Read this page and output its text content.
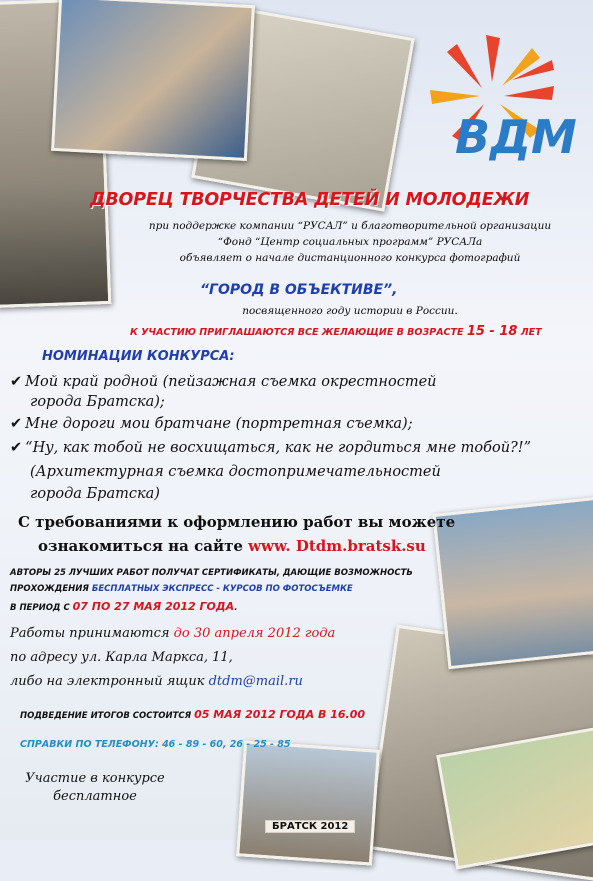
ВДМ
ДВОРЕЦ ТВОРЧЕСТВА ДЕТЕЙ И МОЛОДЕЖИ
при поддержке компании “РУСАЛ” и благотворительной организации
“Фонд “Центр социальных программ” РУСАЛа
объявляет о начале дистанционного конкурса фотографий
“ГОРОД В ОБЪЕКТИВЕ”,
посвященного году истории в России.
К УЧАСТИЮ ПРИГЛАШАЮТСЯ ВСЕ ЖЕЛАЮЩИЕ В ВОЗРАСТЕ 15 - 18 ЛЕТ
НОМИНАЦИИ КОНКУРСА:
✔ Мой край родной (пейзажная съемка окрестностей
города Братска);
✔ Мне дороги мои братчане (портретная съемка);
✔ “Ну, как тобой не восхищаться, как не гордиться мне тобой?!”
(Архитектурная съемка достопримечательностей
города Братска)
С требованиями к оформлению работ вы можете
ознакомиться на сайте www. Dtdm.bratsk.su
АВТОРЫ 25 ЛУЧШИХ РАБОТ ПОЛУЧАТ СЕРТИФИКАТЫ, ДАЮЩИЕ ВОЗМОЖНОСТЬ
ПРОХОЖДЕНИЯ БЕСПЛАТНЫХ ЭКСПРЕСС - КУРСОВ ПО ФОТОСЪЕМКЕ
В ПЕРИОД С 07 ПО 27 МАЯ 2012 ГОДА.
Работы принимаются до 30 апреля 2012 года
по адресу ул. Карла Маркса, 11,
либо на электронный ящик dtdm@mail.ru
ПОДВЕДЕНИЕ ИТОГОВ СОСТОИТСЯ 05 МАЯ 2012 ГОДА В 16.00
СПРАВКИ ПО ТЕЛЕФОНУ: 46 - 89 - 60, 26 - 25 - 85
Участие в конкурсе
бесплатное
БРАТСК 2012
